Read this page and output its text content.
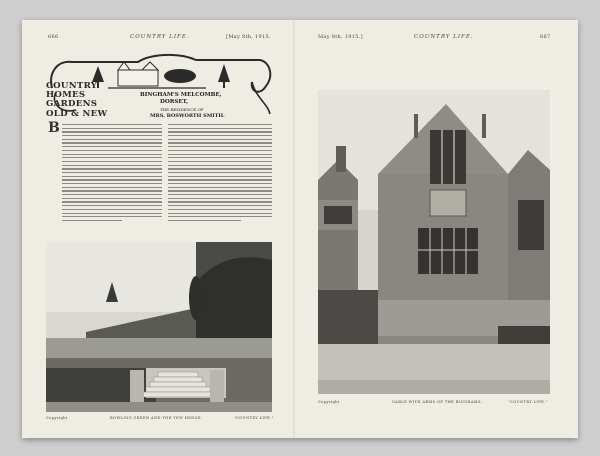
666	COUNTRY LIFE.	[May 8th, 1915.
COUNTRY
HOMES
GARDENS
OLD & NEW
BINGHAM'S MELCOMBE,
DORSET,
THE RESIDENCE OF
MRS. BOSWORTH SMITH.
B
Copyright	BOWLING GREEN AND THE YEW HEDGE.	"COUNTRY LIFE."
May 8th, 1915.]	COUNTRY LIFE.	667
Copyright	GABLE WITH ARMS OF THE BINGHAMS.	"COUNTRY LIFE."
